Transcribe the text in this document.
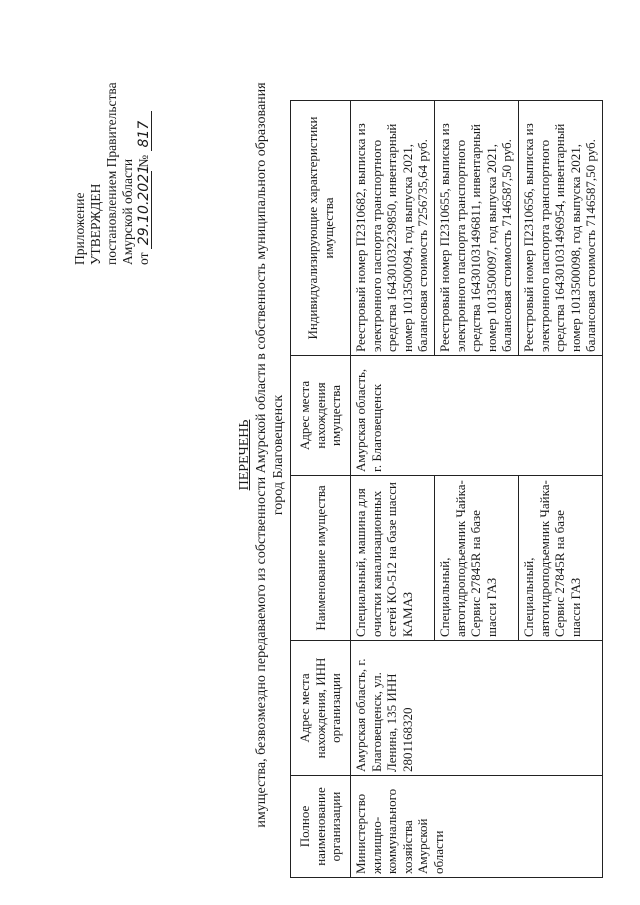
Приложение УТВЕРЖДЕН постановлением Правительства Амурской области от 29.10.2021 № 817
ПЕРЕЧЕНЬ имущества, безвозмездно передаваемого из собственности Амурской области в собственность муниципального образования город Благовещенск
Полное наименование организации	Адрес места нахождения, ИНН организации	Наименование имущества	Адрес места нахождения имущества	Индивидуализирующие характеристики имущества
Министерство жилищно-коммунального хозяйства Амурской области	Амурская область, г. Благовещенск, ул. Ленина, 135 ИНН 2801168320	Специальный, машина для очистки канализационных сетей КО-512 на базе шасси КАМАЗ	Амурская область, г. Благовещенск	Реестровый номер П2310682, выписка из электронного паспорта транспортного средства 164301032239850, инвентарный номер 1013500094, год выпуска 2021, балансовая стоимость 7256735,64 руб.
		Специальный, автогидроподъемник Чайка-Сервис 27845R на базе шасси ГАЗ		Реестровый номер П2310655, выписка из электронного паспорта транспортного средства 164301031496811, инвентарный номер 1013500097, год выпуска 2021, балансовая стоимость 7146587,50 руб.
		Специальный, автогидроподъемник Чайка-Сервис 27845R на базе шасси ГАЗ		Реестровый номер П2310656, выписка из электронного паспорта транспортного средства 164301031496954, инвентарный номер 1013500098, год выпуска 2021, балансовая стоимость 7146587,50 руб.
